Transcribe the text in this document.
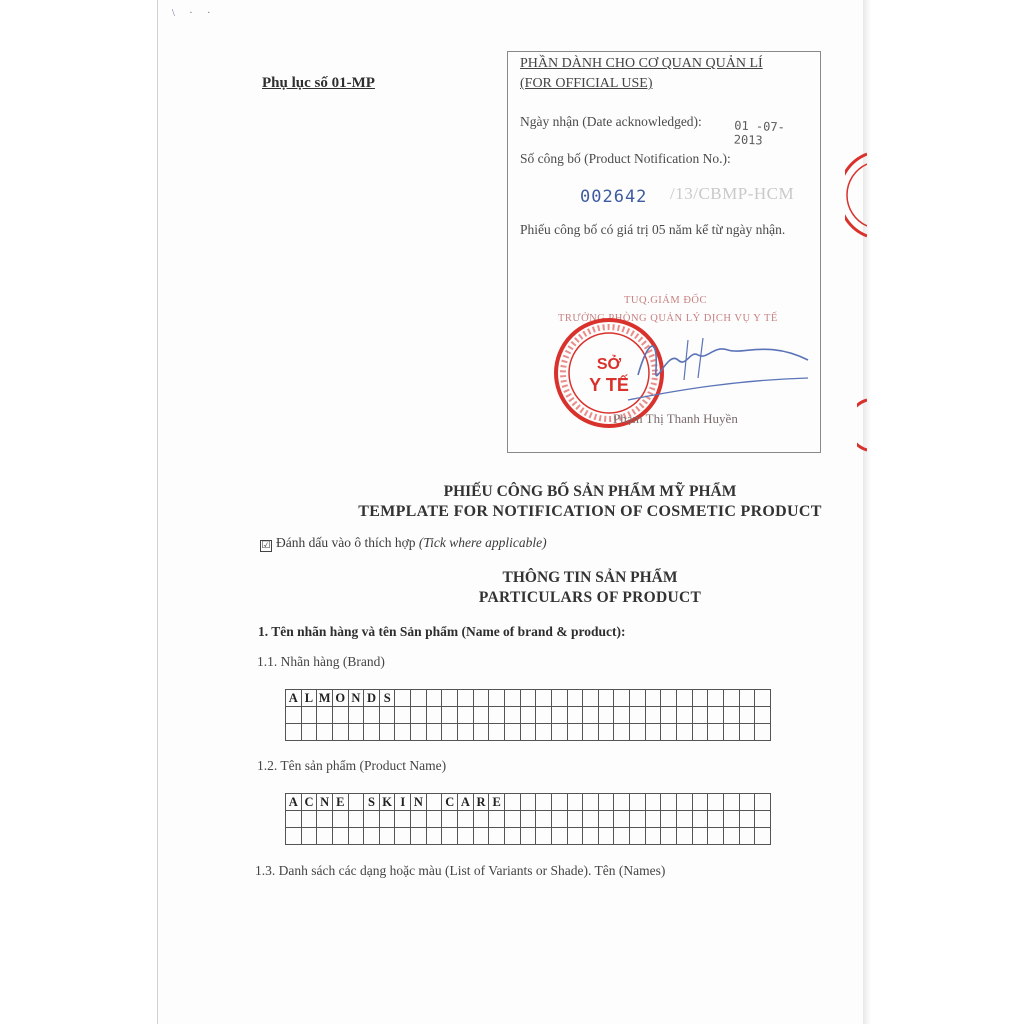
\ · ·
Phụ lục số 01-MP
PHẦN DÀNH CHO CƠ QUAN QUẢN LÍ
(FOR OFFICIAL USE)
Ngày nhận (Date acknowledged):	01 -07- 2013
Số công bố (Product Notification No.):
002642 /13/CBMP-HCM
Phiếu công bố có giá trị 05 năm kể từ ngày nhận.
TUQ.GIÁM ĐỐC
TRƯỞNG PHÒNG QUẢN LÝ DỊCH VỤ Y TẾ
SỞ
Y TẾ
Phạm Thị Thanh Huyền
PHIẾU CÔNG BỐ SẢN PHẨM MỸ PHẨM
TEMPLATE FOR NOTIFICATION OF COSMETIC PRODUCT
☑ Đánh dấu vào ô thích hợp (Tick where applicable)
THÔNG TIN SẢN PHẨM
PARTICULARS OF PRODUCT
1. Tên nhãn hàng và tên Sản phẩm (Name of brand & product):
1.1. Nhãn hàng (Brand)
A	L	M	O	N	D	S																								

1.2. Tên sản phẩm (Product Name)
A	C	N	E		S	K	I	N		C	A	R	E																	

1.3. Danh sách các dạng hoặc màu (List of Variants or Shade). Tên (Names)
